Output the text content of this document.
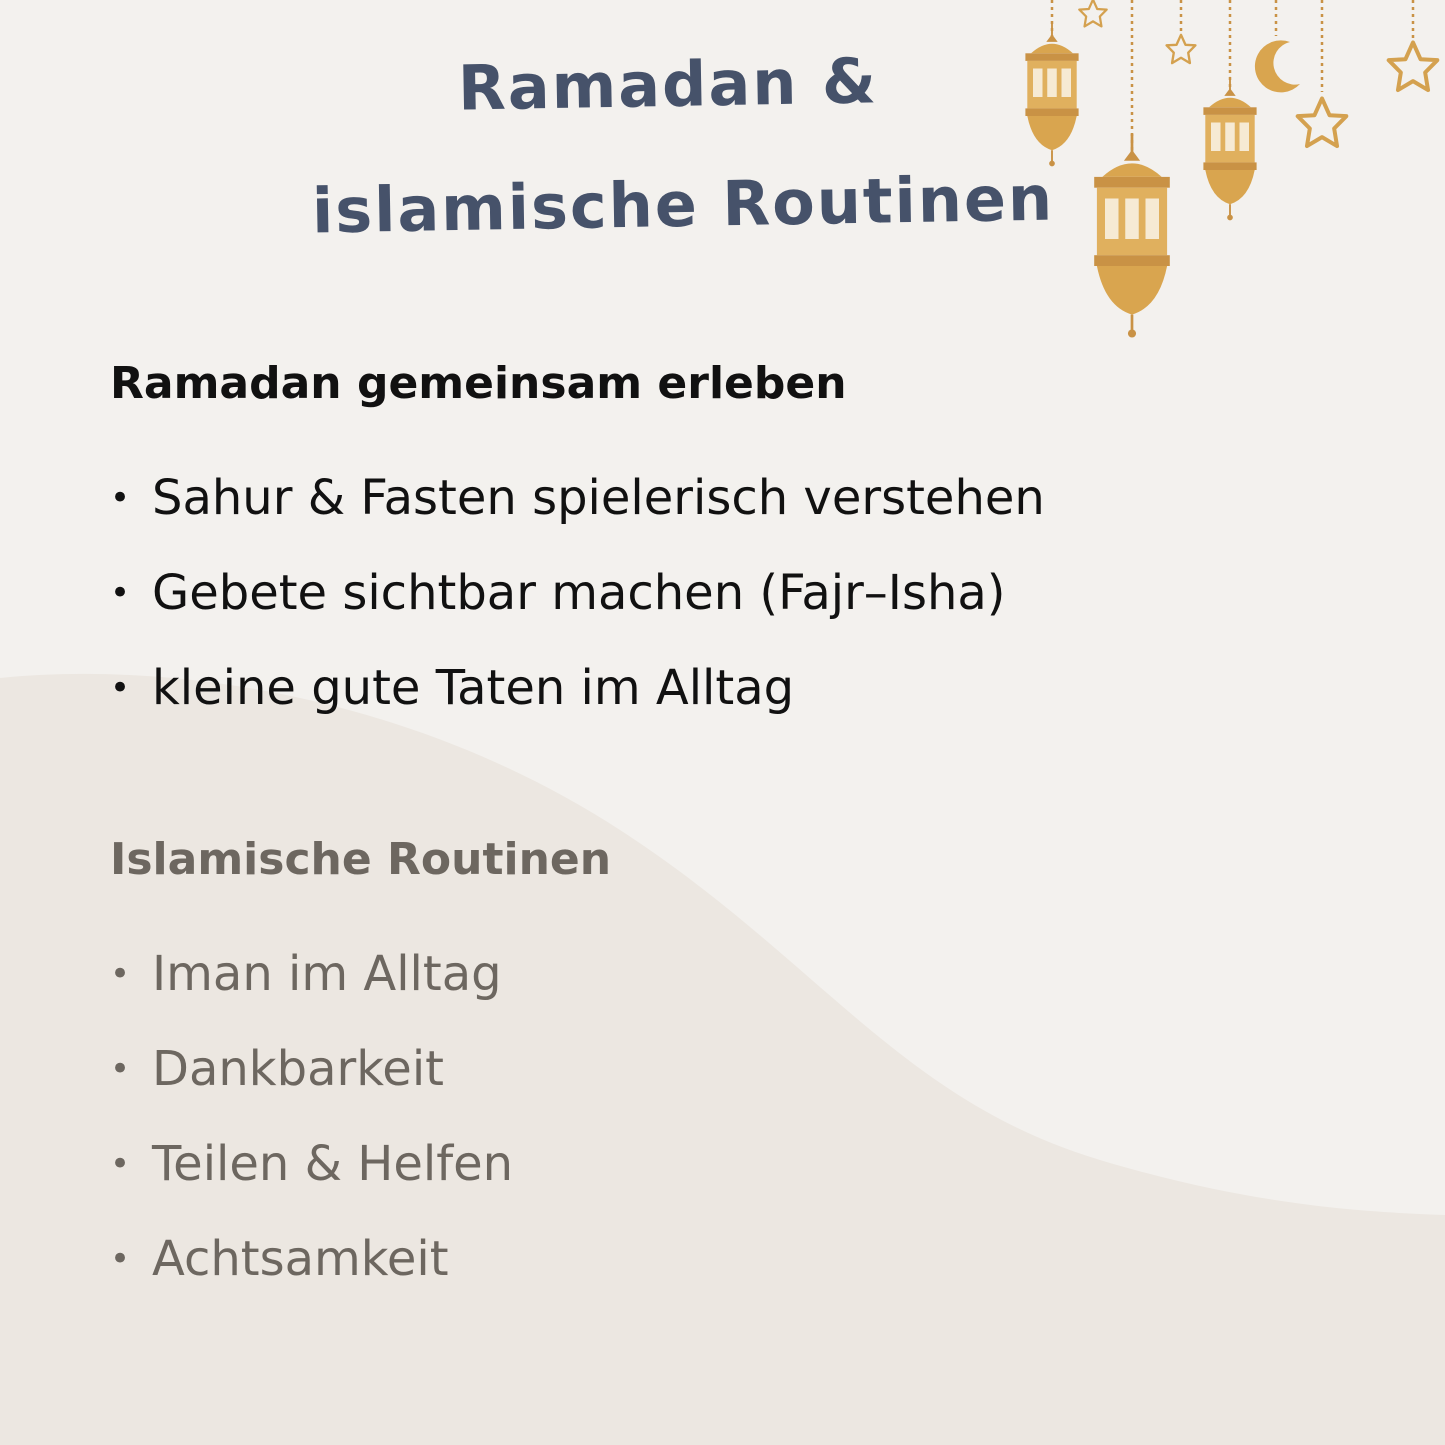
Ramadan &
islamische Routinen
Ramadan gemeinsam erleben
• Sahur & Fasten spielerisch verstehen
• Gebete sichtbar machen (Fajr–Isha)
• kleine gute Taten im Alltag
Islamische Routinen
• Iman im Alltag
• Dankbarkeit
• Teilen & Helfen
• Achtsamkeit
